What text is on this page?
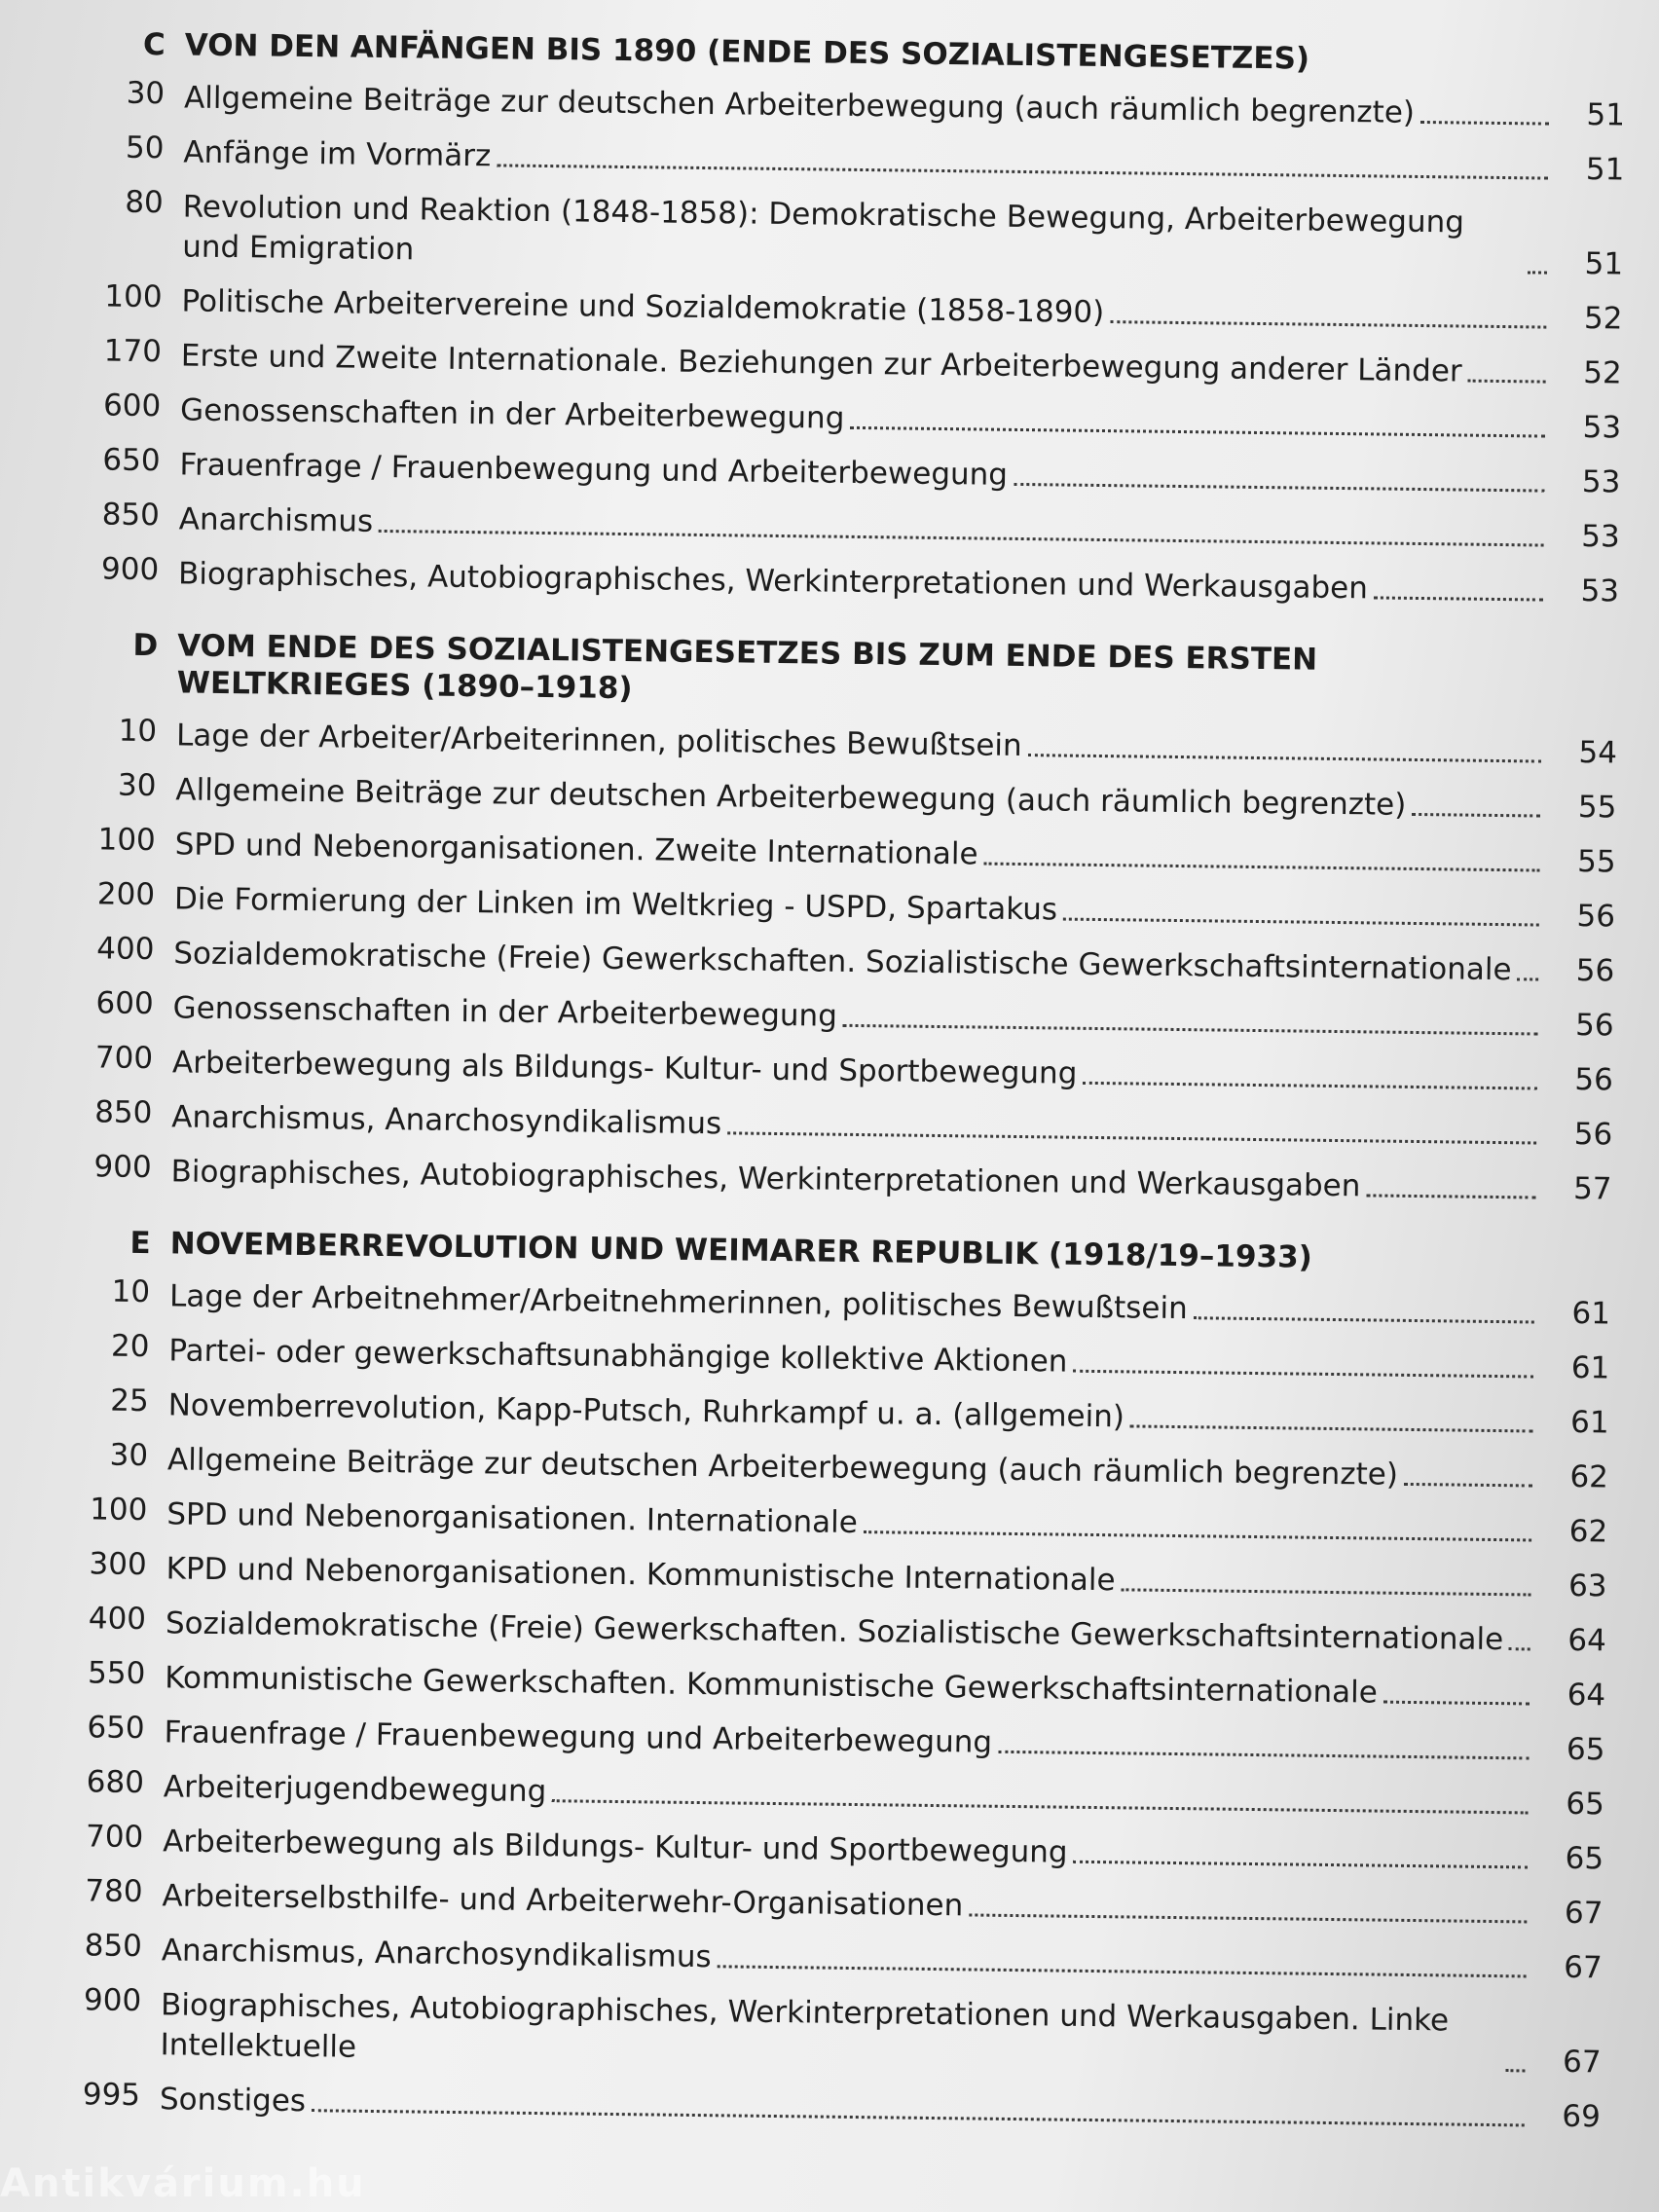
C VON DEN ANFÄNGEN BIS 1890 (ENDE DES SOZIALISTENGESETZES)
30 Allgemeine Beiträge zur deutschen Arbeiterbewegung (auch räumlich begrenzte)	51
50 Anfänge im Vormärz	51
80 Revolution und Reaktion (1848-1858): Demokratische Bewegung, Arbeiterbewegung und Emigration	51
100 Politische Arbeitervereine und Sozialdemokratie (1858-1890)	52
170 Erste und Zweite Internationale. Beziehungen zur Arbeiterbewegung anderer Länder	52
600 Genossenschaften in der Arbeiterbewegung	53
650 Frauenfrage / Frauenbewegung und Arbeiterbewegung	53
850 Anarchismus	53
900 Biographisches, Autobiographisches, Werkinterpretationen und Werkausgaben	53
D VOM ENDE DES SOZIALISTENGESETZES BIS ZUM ENDE DES ERSTEN WELTKRIEGES (1890–1918)
10 Lage der Arbeiter/Arbeiterinnen, politisches Bewußtsein	54
30 Allgemeine Beiträge zur deutschen Arbeiterbewegung (auch räumlich begrenzte)	55
100 SPD und Nebenorganisationen. Zweite Internationale	55
200 Die Formierung der Linken im Weltkrieg - USPD, Spartakus	56
400 Sozialdemokratische (Freie) Gewerkschaften. Sozialistische Gewerkschaftsinternationale	56
600 Genossenschaften in der Arbeiterbewegung	56
700 Arbeiterbewegung als Bildungs- Kultur- und Sportbewegung	56
850 Anarchismus, Anarchosyndikalismus	56
900 Biographisches, Autobiographisches, Werkinterpretationen und Werkausgaben	57
E NOVEMBERREVOLUTION UND WEIMARER REPUBLIK (1918/19–1933)
10 Lage der Arbeitnehmer/Arbeitnehmerinnen, politisches Bewußtsein	61
20 Partei- oder gewerkschaftsunabhängige kollektive Aktionen	61
25 Novemberrevolution, Kapp-Putsch, Ruhrkampf u. a. (allgemein)	61
30 Allgemeine Beiträge zur deutschen Arbeiterbewegung (auch räumlich begrenzte)	62
100 SPD und Nebenorganisationen. Internationale	62
300 KPD und Nebenorganisationen. Kommunistische Internationale	63
400 Sozialdemokratische (Freie) Gewerkschaften. Sozialistische Gewerkschaftsinternationale	64
550 Kommunistische Gewerkschaften. Kommunistische Gewerkschaftsinternationale	64
650 Frauenfrage / Frauenbewegung und Arbeiterbewegung	65
680 Arbeiterjugendbewegung	65
700 Arbeiterbewegung als Bildungs- Kultur- und Sportbewegung	65
780 Arbeiterselbsthilfe- und Arbeiterwehr-Organisationen	67
850 Anarchismus, Anarchosyndikalismus	67
900 Biographisches, Autobiographisches, Werkinterpretationen und Werkausgaben. Linke Intellektuelle	67
995 Sonstiges	69
Antikvárium.hu
